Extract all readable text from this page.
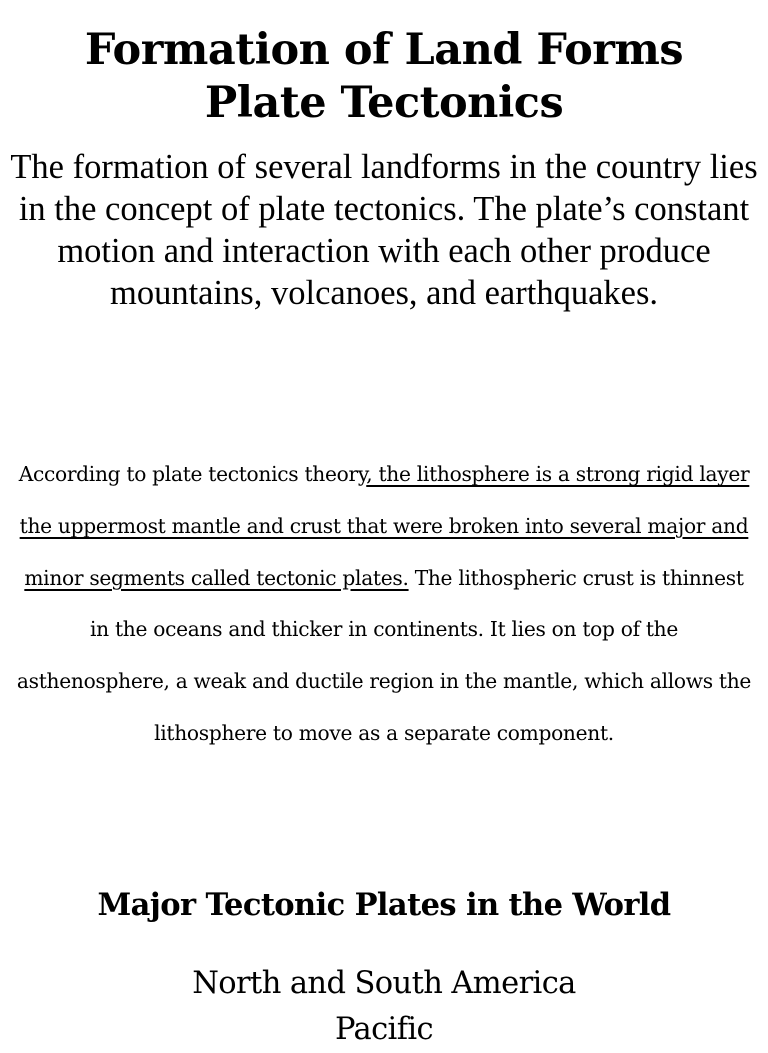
Formation of Land Forms
Plate Tectonics

The formation of several landforms in the country lies in the concept of plate tectonics. The plate’s constant motion and interaction with each other produce mountains, volcanoes, and earthquakes.

According to plate tectonics theory, the lithosphere is a strong rigid layer the uppermost mantle and crust that were broken into several major and minor segments called tectonic plates. The lithospheric crust is thinnest in the oceans and thicker in continents. It lies on top of the asthenosphere, a weak and ductile region in the mantle, which allows the lithosphere to move as a separate component.

Major Tectonic Plates in the World
North and South America
Pacific
